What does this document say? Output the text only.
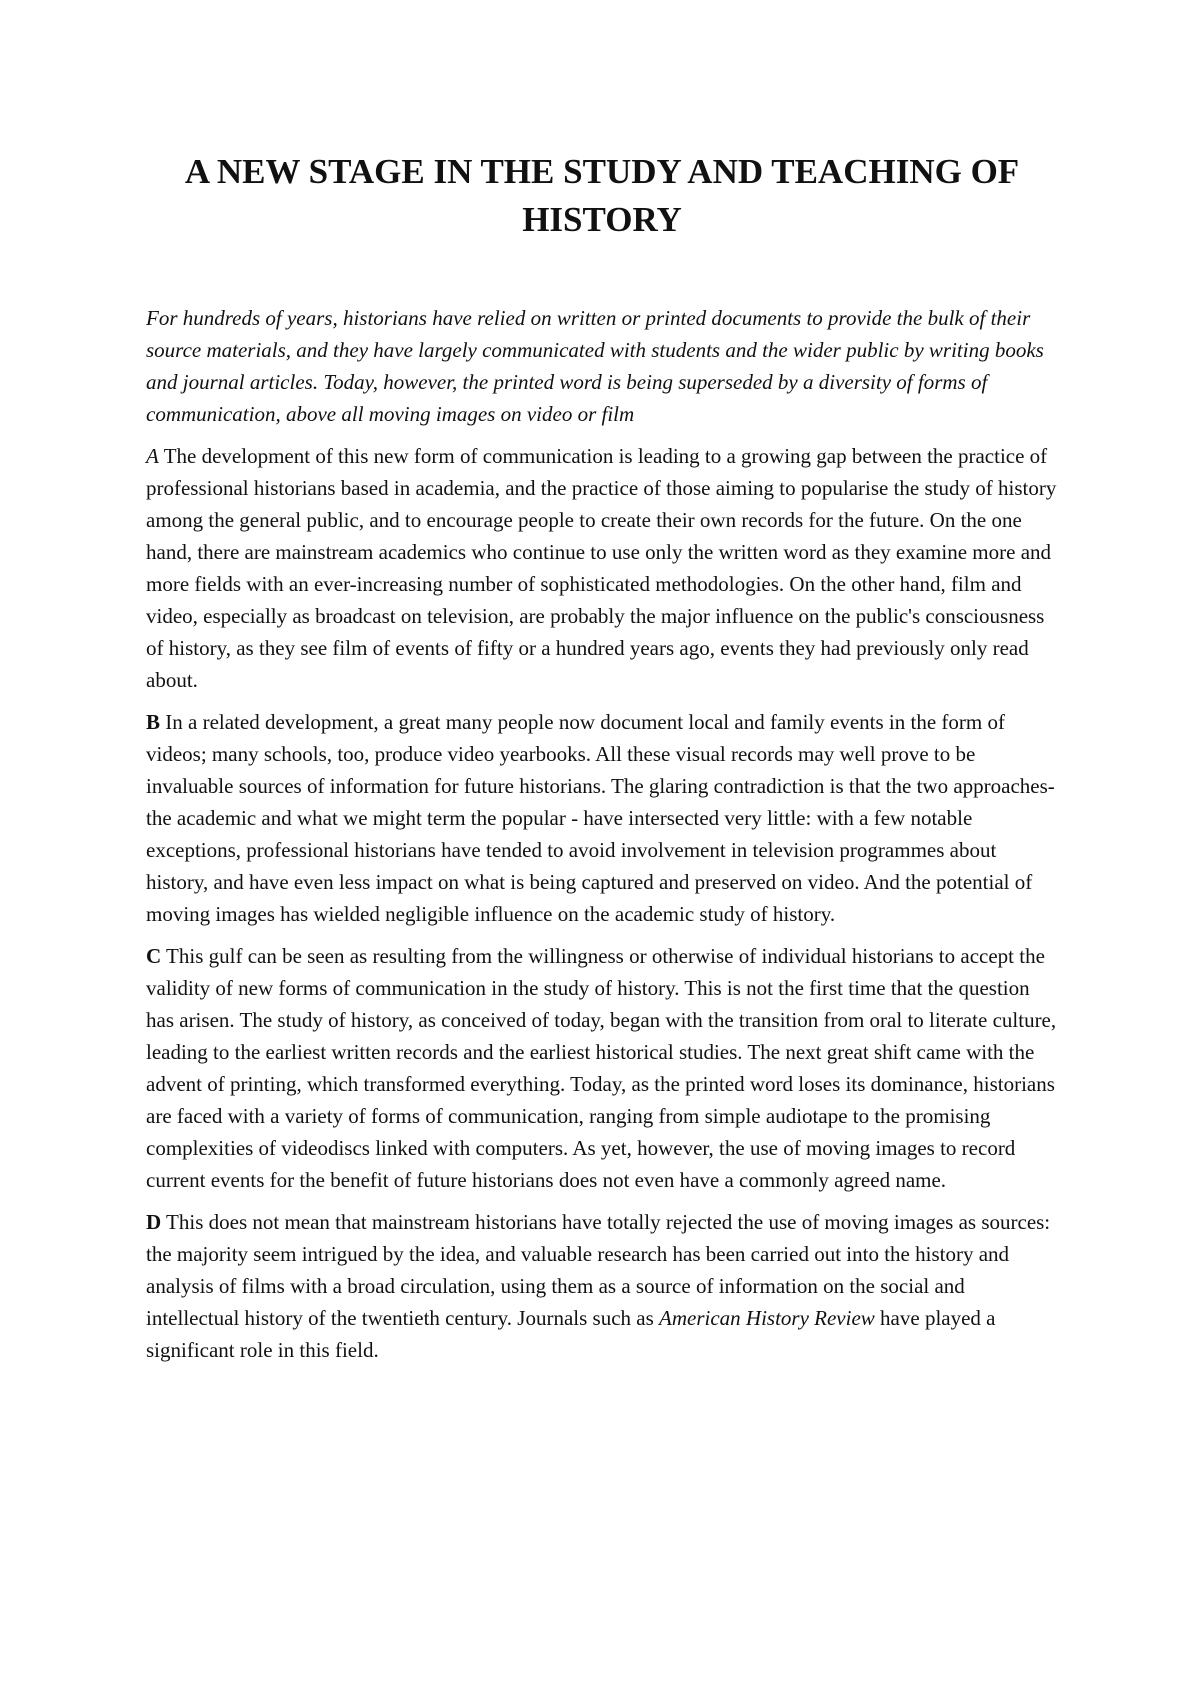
A NEW STAGE IN THE STUDY AND TEACHING OF HISTORY

For hundreds of years, historians have relied on written or printed documents to provide the bulk of their source materials, and they have largely communicated with students and the wider public by writing books and journal articles. Today, however, the printed word is being superseded by a diversity of forms of communication, above all moving images on video or film

A The development of this new form of communication is leading to a growing gap between the practice of professional historians based in academia, and the practice of those aiming to popularise the study of history among the general public, and to encourage people to create their own records for the future. On the one hand, there are mainstream academics who continue to use only the written word as they examine more and more fields with an ever-increasing number of sophisticated methodologies. On the other hand, film and video, especially as broadcast on television, are probably the major influence on the public's consciousness of history, as they see film of events of fifty or a hundred years ago, events they had previously only read about.

B In a related development, a great many people now document local and family events in the form of videos; many schools, too, produce video yearbooks. All these visual records may well prove to be invaluable sources of information for future historians. The glaring contradiction is that the two approaches-the academic and what we might term the popular - have intersected very little: with a few notable exceptions, professional historians have tended to avoid involvement in television programmes about history, and have even less impact on what is being captured and preserved on video. And the potential of moving images has wielded negligible influence on the academic study of history.

C This gulf can be seen as resulting from the willingness or otherwise of individual historians to accept the validity of new forms of communication in the study of history. This is not the first time that the question has arisen. The study of history, as conceived of today, began with the transition from oral to literate culture, leading to the earliest written records and the earliest historical studies. The next great shift came with the advent of printing, which transformed everything. Today, as the printed word loses its dominance, historians are faced with a variety of forms of communication, ranging from simple audiotape to the promising complexities of videodiscs linked with computers. As yet, however, the use of moving images to record current events for the benefit of future historians does not even have a commonly agreed name.

D This does not mean that mainstream historians have totally rejected the use of moving images as sources: the majority seem intrigued by the idea, and valuable research has been carried out into the history and analysis of films with a broad circulation, using them as a source of information on the social and intellectual history of the twentieth century. Journals such as American History Review have played a significant role in this field.
